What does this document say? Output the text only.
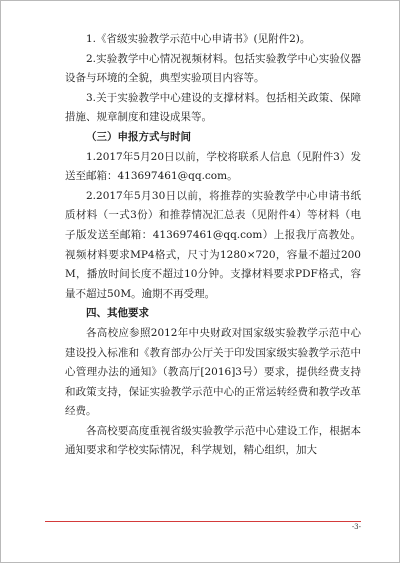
1.《省级实验教学示范中心申请书》(见附件2)。

2.实验教学中心情况视频材料。包括实验教学中心实验仪器设备与环境的全貌，典型实验项目内容等。

3.关于实验教学中心建设的支撑材料。包括相关政策、保障措施、规章制度和建设成果等。

（三）申报方式与时间

1.2017年5月20日以前，学校将联系人信息（见附件3）发送至邮箱：413697461@qq.com。

2.2017年5月30日以前，将推荐的实验教学中心申请书纸质材料（一式3份）和推荐情况汇总表（见附件4）等材料（电子版发送至邮箱：413697461@qq.com）上报我厅高教处。视频材料要求MP4格式，尺寸为1280×720，容量不超过200M，播放时间长度不超过10分钟。支撑材料要求PDF格式，容量不超过50M。逾期不再受理。

四、其他要求

各高校应参照2012年中央财政对国家级实验教学示范中心建设投入标准和《教育部办公厅关于印发国家级实验教学示范中心管理办法的通知》（教高厅[2016]3号）要求，提供经费支持和政策支持，保证实验教学示范中心的正常运转经费和教学改革经费。

各高校要高度重视省级实验教学示范中心建设工作，根据本通知要求和学校实际情况，科学规划，精心组织，加大

-3-
